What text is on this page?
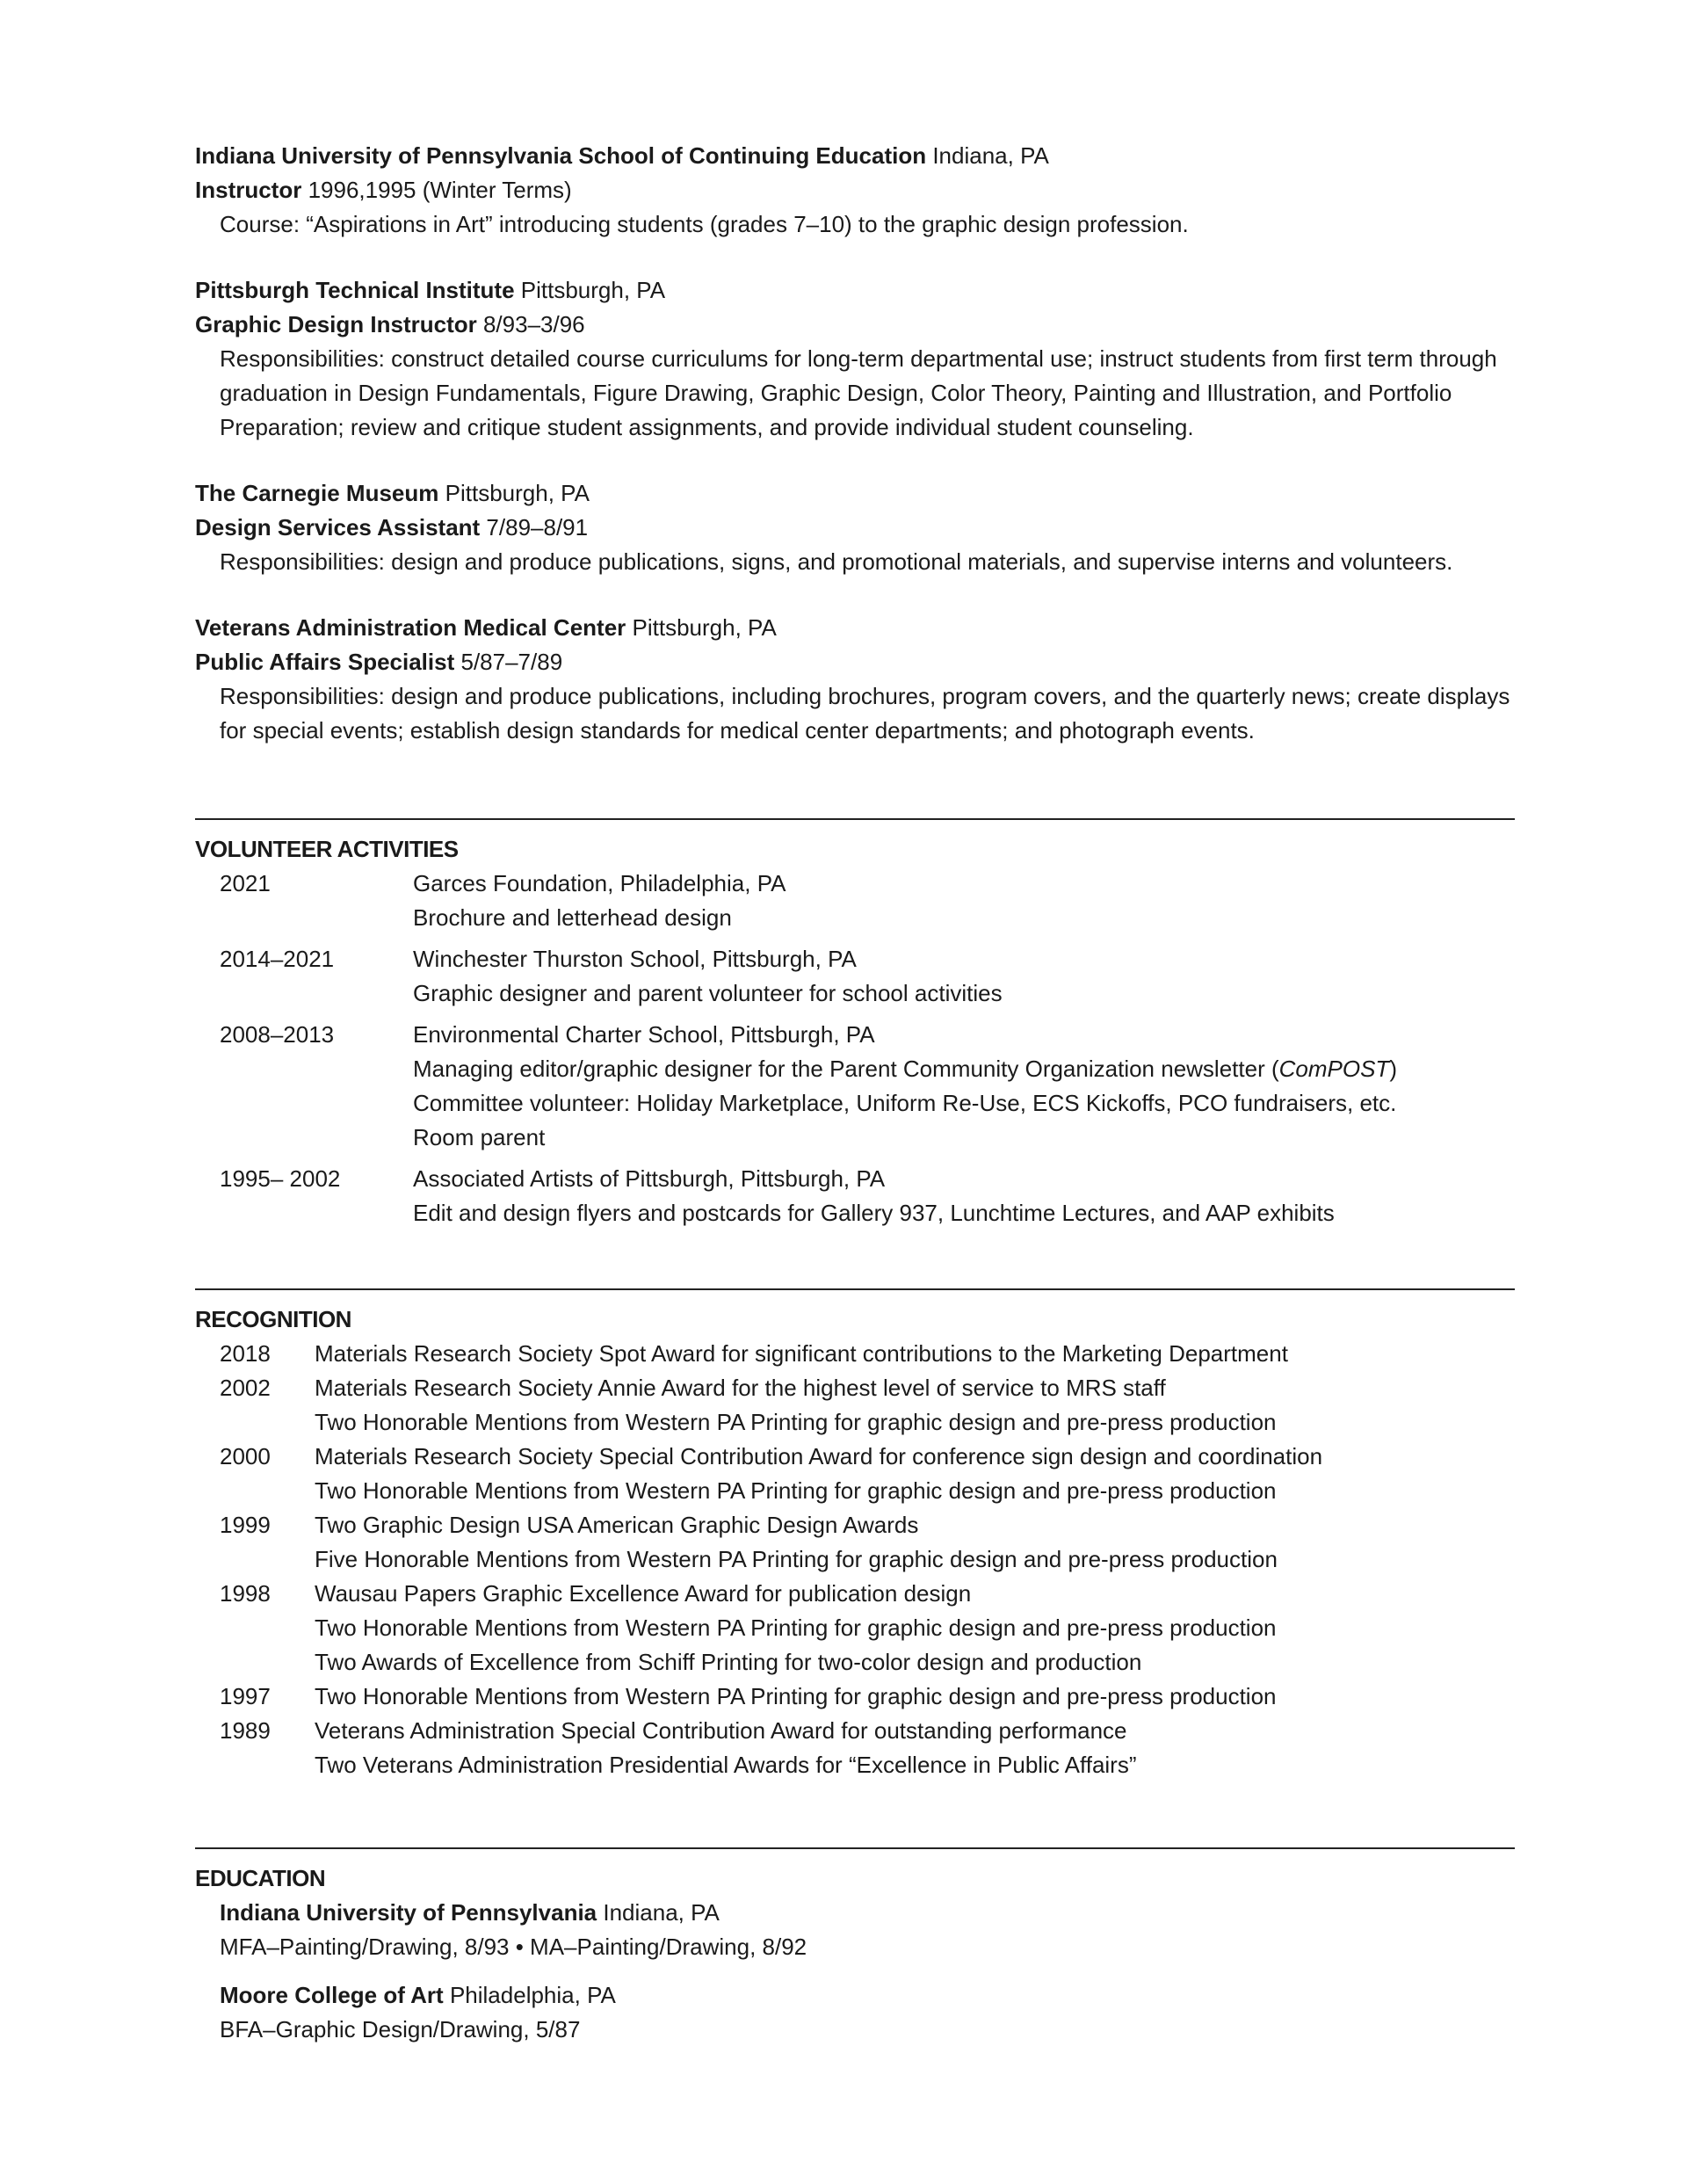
Indiana University of Pennsylvania School of Continuing Education Indiana, PA
Instructor 1996,1995 (Winter Terms)
Course: “Aspirations in Art” introducing students (grades 7–10) to the graphic design profession.
Pittsburgh Technical Institute Pittsburgh, PA
Graphic Design Instructor 8/93–3/96
Responsibilities: construct detailed course curriculums for long-term departmental use; instruct students from first term through
graduation in Design Fundamentals, Figure Drawing, Graphic Design, Color Theory, Painting and Illustration, and Portfolio
Preparation; review and critique student assignments, and provide individual student counseling.
The Carnegie Museum Pittsburgh, PA
Design Services Assistant 7/89–8/91
Responsibilities: design and produce publications, signs, and promotional materials, and supervise interns and volunteers.
Veterans Administration Medical Center Pittsburgh, PA
Public Affairs Specialist 5/87–7/89
Responsibilities: design and produce publications, including brochures, program covers, and the quarterly news; create displays
for special events; establish design standards for medical center departments; and photograph events.
VOLUNTEER ACTIVITIES
2021	Garces Foundation, Philadelphia, PA
Brochure and letterhead design
2014–2021	Winchester Thurston School, Pittsburgh, PA
Graphic designer and parent volunteer for school activities
2008–2013	Environmental Charter School, Pittsburgh, PA
Managing editor/graphic designer for the Parent Community Organization newsletter (ComPOST)
Committee volunteer: Holiday Marketplace, Uniform Re-Use, ECS Kickoffs, PCO fundraisers, etc.
Room parent
1995– 2002	Associated Artists of Pittsburgh, Pittsburgh, PA
Edit and design flyers and postcards for Gallery 937, Lunchtime Lectures, and AAP exhibits
RECOGNITION
2018	Materials Research Society Spot Award for significant contributions to the Marketing Department
2002	Materials Research Society Annie Award for the highest level of service to MRS staff
Two Honorable Mentions from Western PA Printing for graphic design and pre-press production
2000	Materials Research Society Special Contribution Award for conference sign design and coordination
Two Honorable Mentions from Western PA Printing for graphic design and pre-press production
1999	Two Graphic Design USA American Graphic Design Awards
Five Honorable Mentions from Western PA Printing for graphic design and pre-press production
1998	Wausau Papers Graphic Excellence Award for publication design
Two Honorable Mentions from Western PA Printing for graphic design and pre-press production
Two Awards of Excellence from Schiff Printing for two-color design and production
1997	Two Honorable Mentions from Western PA Printing for graphic design and pre-press production
1989	Veterans Administration Special Contribution Award for outstanding performance
Two Veterans Administration Presidential Awards for “Excellence in Public Affairs”
EDUCATION
Indiana University of Pennsylvania Indiana, PA
MFA–Painting/Drawing, 8/93 • MA–Painting/Drawing, 8/92
Moore College of Art Philadelphia, PA
BFA–Graphic Design/Drawing, 5/87
